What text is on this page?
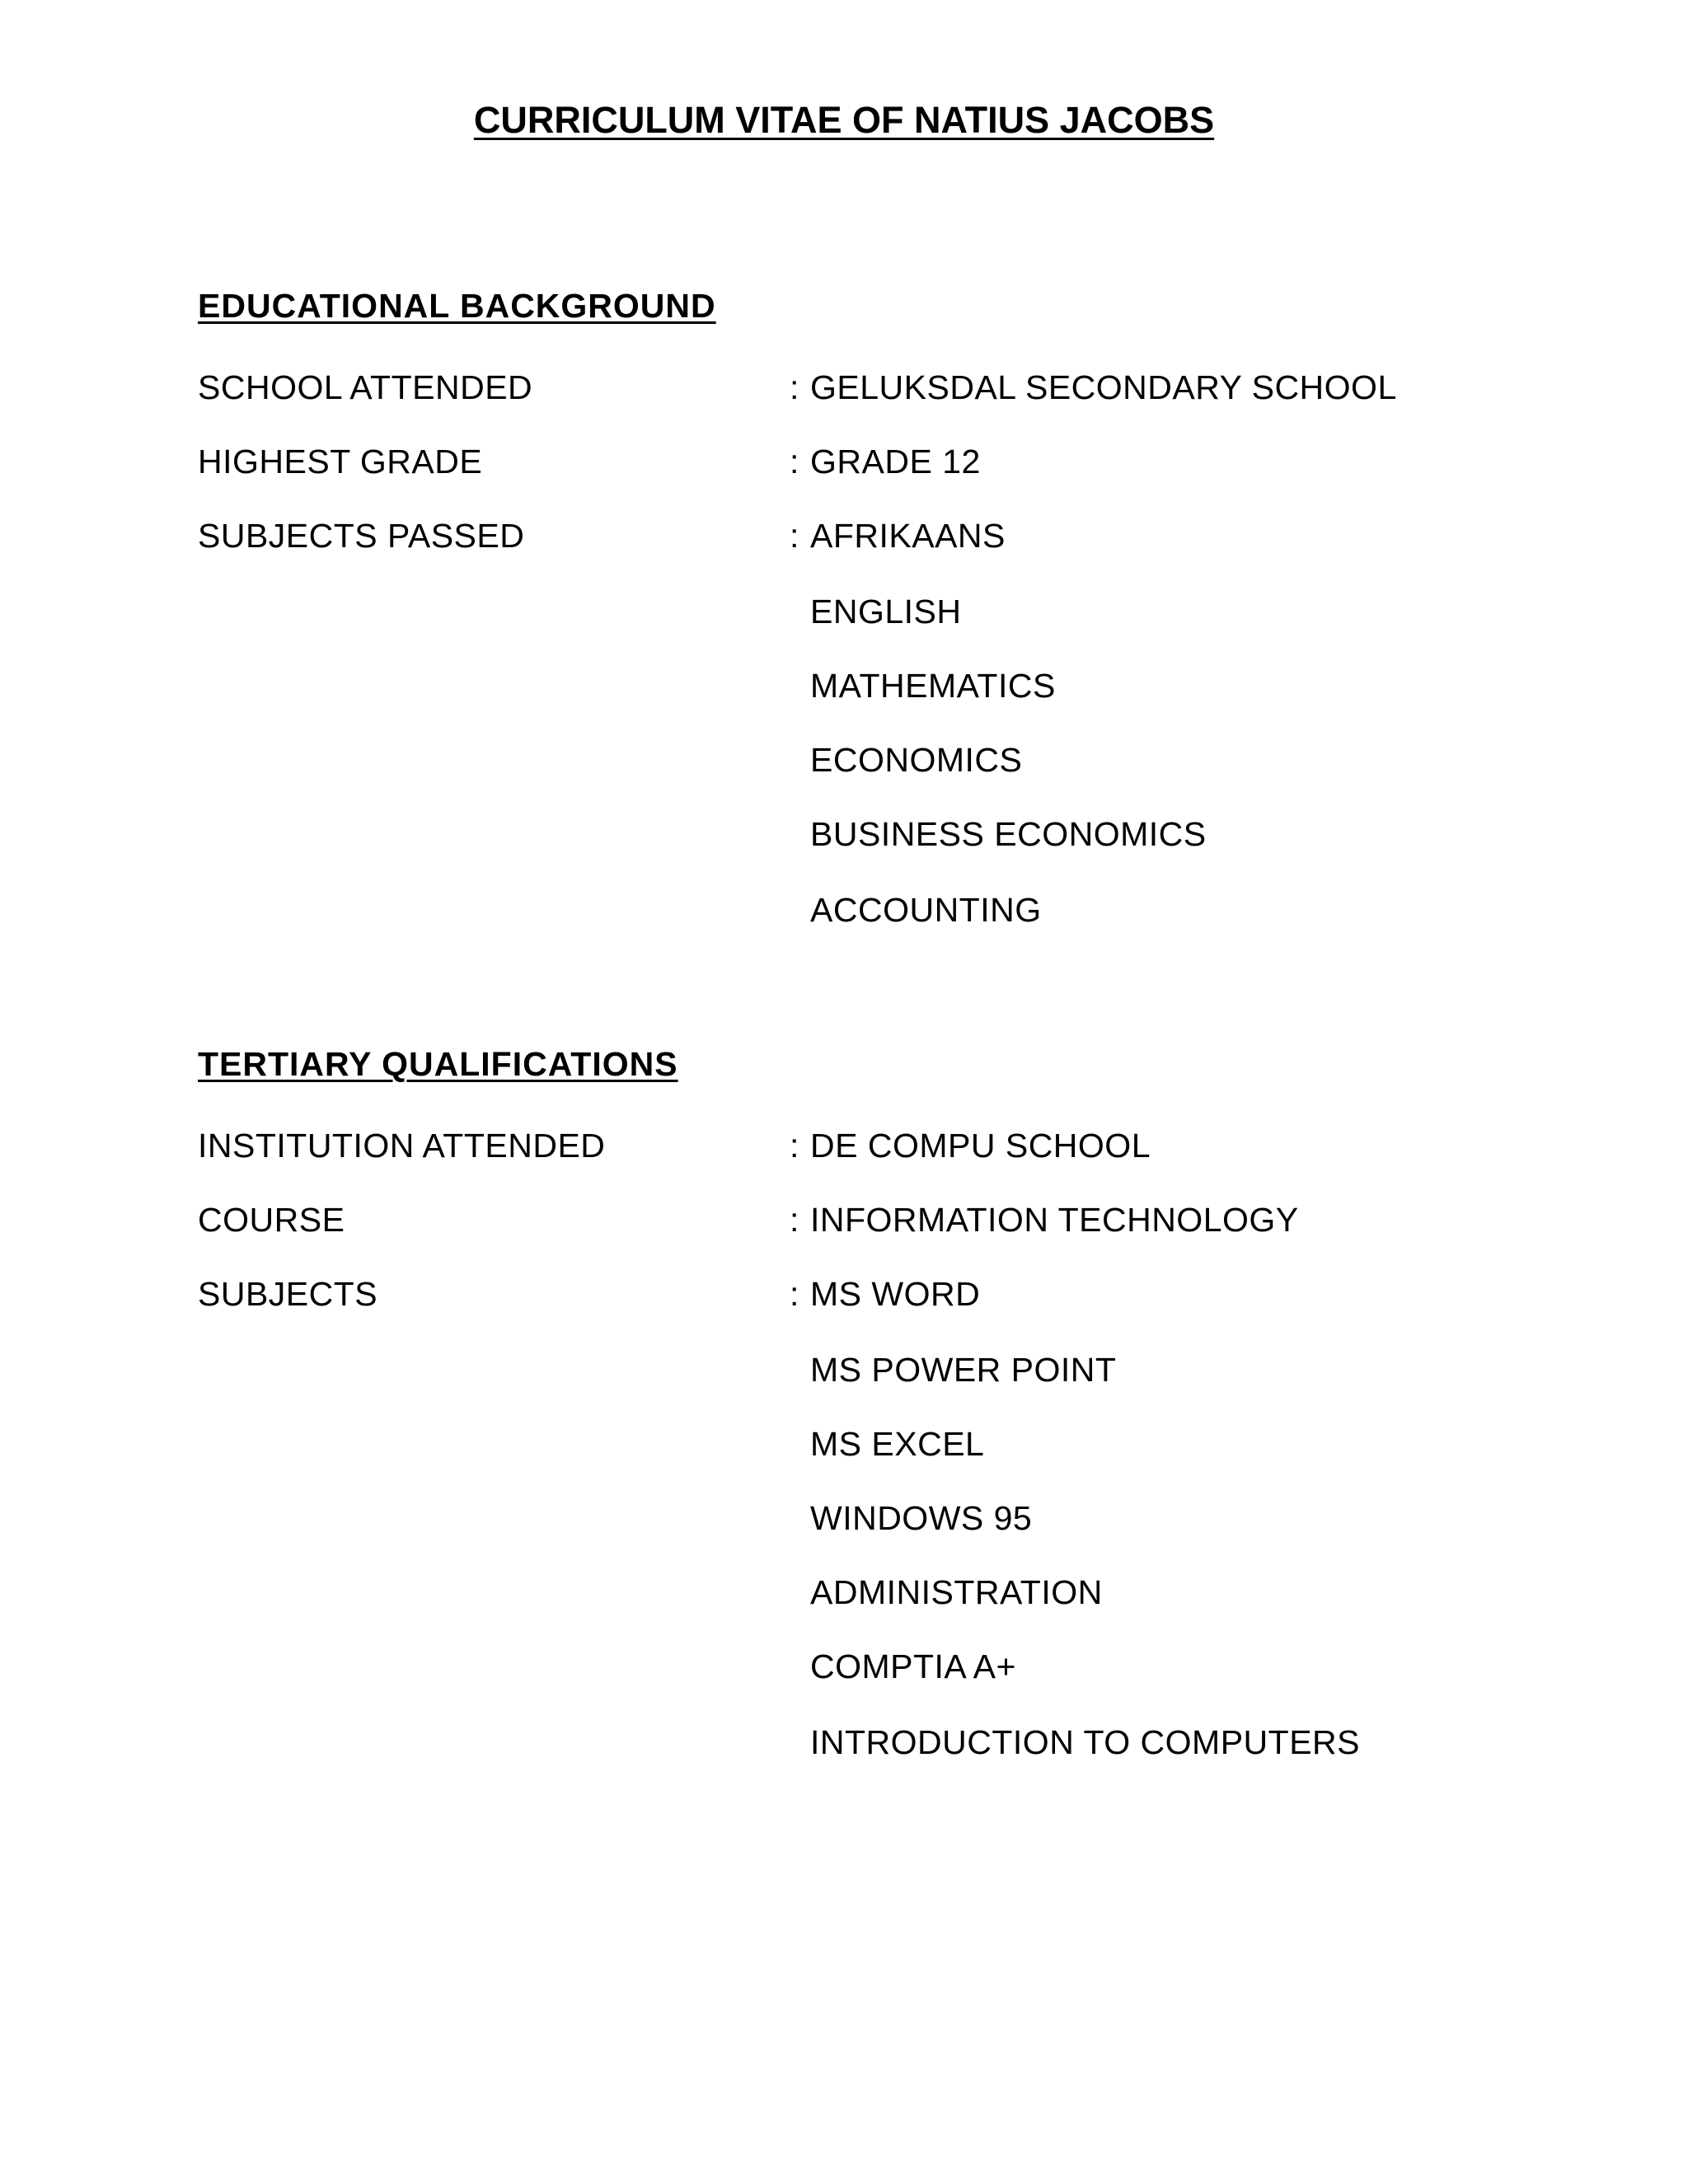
CURRICULUM VITAE OF NATIUS JACOBS
EDUCATIONAL BACKGROUND
SCHOOL ATTENDED	: GELUKSDAL SECONDARY SCHOOL
HIGHEST GRADE	: GRADE 12
SUBJECTS PASSED	: AFRIKAANS
ENGLISH
MATHEMATICS
ECONOMICS
BUSINESS ECONOMICS
ACCOUNTING
TERTIARY QUALIFICATIONS
INSTITUTION ATTENDED	: DE COMPU SCHOOL
COURSE	: INFORMATION TECHNOLOGY
SUBJECTS	: MS WORD
MS POWER POINT
MS EXCEL
WINDOWS 95
ADMINISTRATION
COMPTIA A+
INTRODUCTION TO COMPUTERS
